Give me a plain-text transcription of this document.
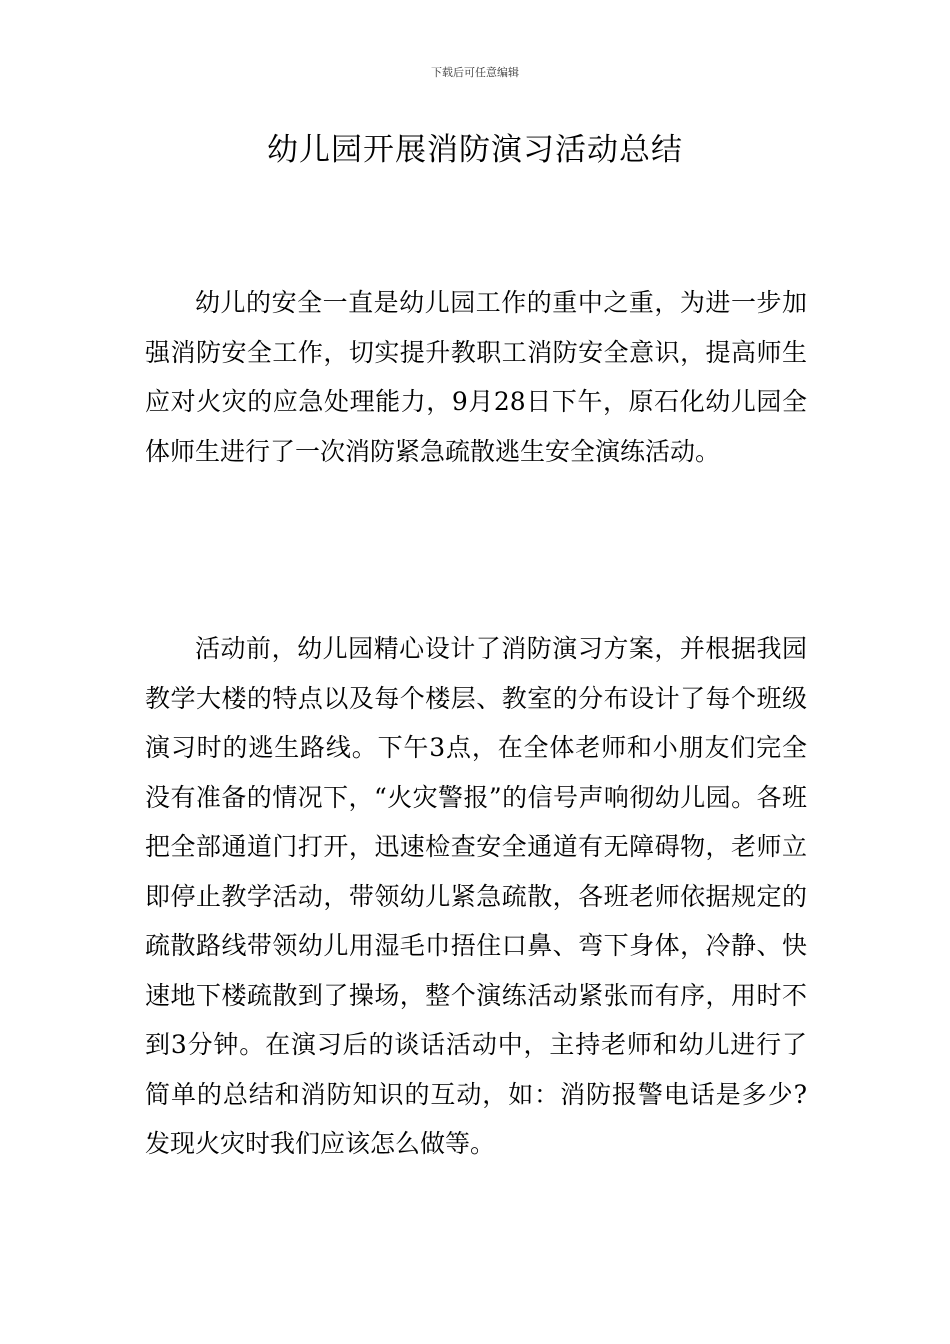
下载后可任意编辑
幼儿园开展消防演习活动总结

幼儿的安全一直是幼儿园工作的重中之重，为进一步加强消防安全工作，切实提升教职工消防安全意识，提高师生应对火灾的应急处理能力，9月28日下午，原石化幼儿园全体师生进行了一次消防紧急疏散逃生安全演练活动。

活动前，幼儿园精心设计了消防演习方案，并根据我园教学大楼的特点以及每个楼层、教室的分布设计了每个班级演习时的逃生路线。下午3点，在全体老师和小朋友们完全没有准备的情况下，“火灾警报”的信号声响彻幼儿园。各班把全部通道门打开，迅速检查安全通道有无障碍物，老师立即停止教学活动，带领幼儿紧急疏散，各班老师依据规定的疏散路线带领幼儿用湿毛巾捂住口鼻、弯下身体，冷静、快速地下楼疏散到了操场，整个演练活动紧张而有序，用时不到3分钟。在演习后的谈话活动中，主持老师和幼儿进行了简单的总结和消防知识的互动，如：消防报警电话是多少?发现火灾时我们应该怎么做等。
